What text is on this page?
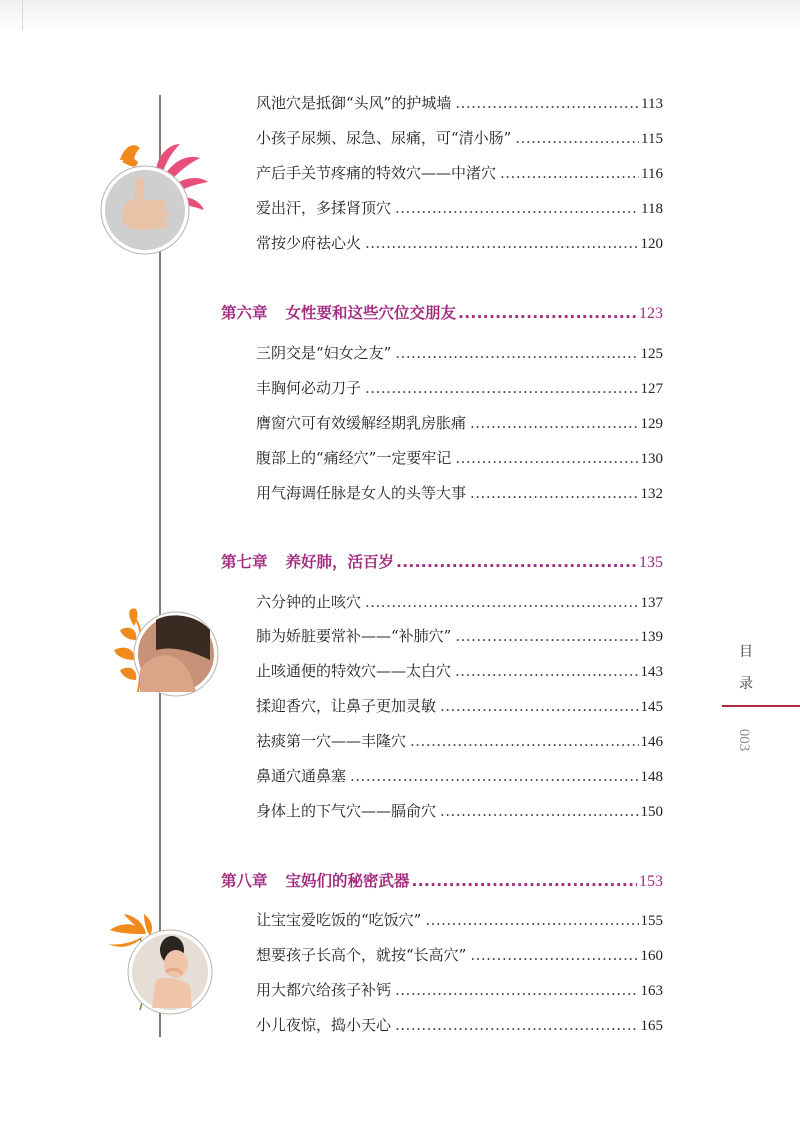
风池穴是抵御“头风”的护城墙 .....	113
小孩子尿频、尿急、尿痛，可“清小肠” .....	115
产后手关节疼痛的特效穴——中渚穴 .....	116
爱出汗，多揉肾顶穴 .....	118
常按少府祛心火 .....	120
第六章 女性要和这些穴位交朋友 .....	123
三阴交是“妇女之友” .....	125
丰胸何必动刀子 .....	127
膺窗穴可有效缓解经期乳房胀痛 .....	129
腹部上的“痛经穴”一定要牢记 .....	130
用气海调任脉是女人的头等大事 .....	132
第七章 养好肺，活百岁 .....	135
六分钟的止咳穴 .....	137
肺为娇脏要常补——“补肺穴” .....	139
止咳通便的特效穴——太白穴 .....	143
揉迎香穴，让鼻子更加灵敏 .....	145
祛痰第一穴——丰隆穴 .....	146
鼻通穴通鼻塞 .....	148
身体上的下气穴——膈俞穴 .....	150
第八章 宝妈们的秘密武器 .....	153
让宝宝爱吃饭的“吃饭穴” .....	155
想要孩子长高个，就按“长高穴” .....	160
用大都穴给孩子补钙 .....	163
小儿夜惊，捣小天心 .....	165
目
录
003
